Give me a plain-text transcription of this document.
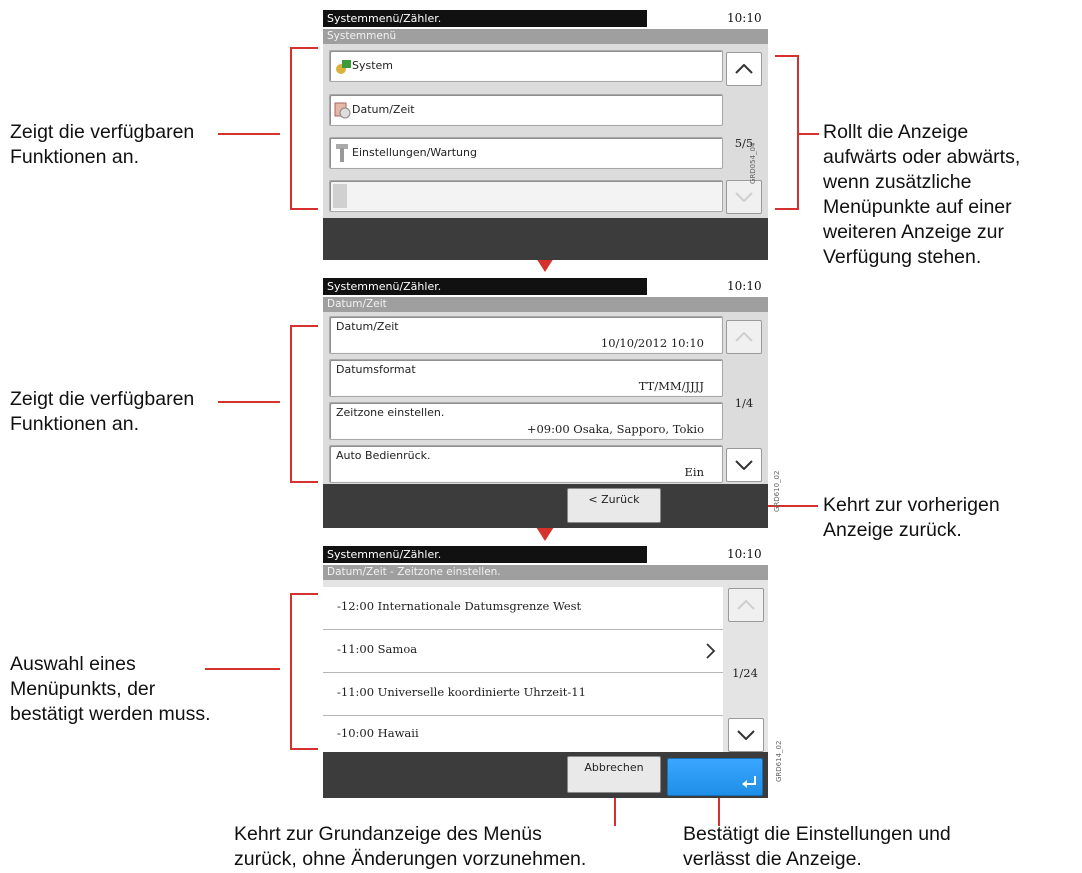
Zeigt die verfügbaren
Funktionen an.
Zeigt die verfügbaren
Funktionen an.
Auswahl eines
Menüpunkts, der
bestätigt werden muss.
Rollt die Anzeige
aufwärts oder abwärts,
wenn zusätzliche
Menüpunkte auf einer
weiteren Anzeige zur
Verfügung stehen.
Kehrt zur vorherigen
Anzeige zurück.
Kehrt zur Grundanzeige des Menüs
zurück, ohne Änderungen vorzunehmen.
Bestätigt die Einstellungen und
verlässt die Anzeige.
Systemmenü/Zähler.	10:10
Systemmenü
System
Datum/Zeit
Einstellungen/Wartung
5/5
GRD054_04
Systemmenü/Zähler.	10:10
Datum/Zeit
Datum/Zeit
10/10/2012 10:10
Datumsformat
TT/MM/JJJJ
Zeitzone einstellen.
+09:00 Osaka, Sapporo, Tokio
Auto Bedienrück.
Ein
1/4
GRD610_02
< Zurück
Systemmenü/Zähler.	10:10
Datum/Zeit - Zeitzone einstellen.
-12:00 Internationale Datumsgrenze West
-11:00 Samoa
-11:00 Universelle koordinierte Uhrzeit-11
-10:00 Hawaii
1/24
Abbrechen	GRD614_02
